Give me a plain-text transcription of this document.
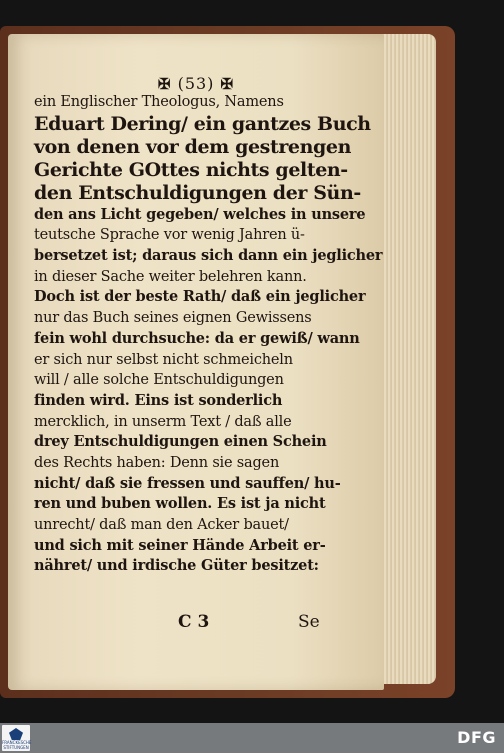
✠ (53) ✠
ein Englischer Theologus, Namens
Eduart Dering/ ein gantzes Buch
von denen vor dem gestrengen
Gerichte GOttes nichts gelten-
den Entschuldigungen der Sün-
den ans Licht gegeben/ welches in unsere
teutsche Sprache vor wenig Jahren ü-
bersetzet ist; daraus sich dann ein jeglicher
in dieser Sache weiter belehren kann.
Doch ist der beste Rath/ daß ein jeglicher
nur das Buch seines eignen Gewissens
fein wohl durchsuche: da er gewiß/ wann
er sich nur selbst nicht schmeicheln
will / alle solche Entschuldigungen
finden wird. Eins ist sonderlich
mercklich, in unserm Text / daß alle
drey Entschuldigungen einen Schein
des Rechts haben: Denn sie sagen
nicht/ daß sie fressen und sauffen/ hu-
ren und buben wollen. Es ist ja nicht
unrecht/ daß man den Acker bauet/
und sich mit seiner Hände Arbeit er-
nähret/ und irdische Güter besitzet:
C 3	Se
FRANCKESCHE STIFTUNGEN
DFG
